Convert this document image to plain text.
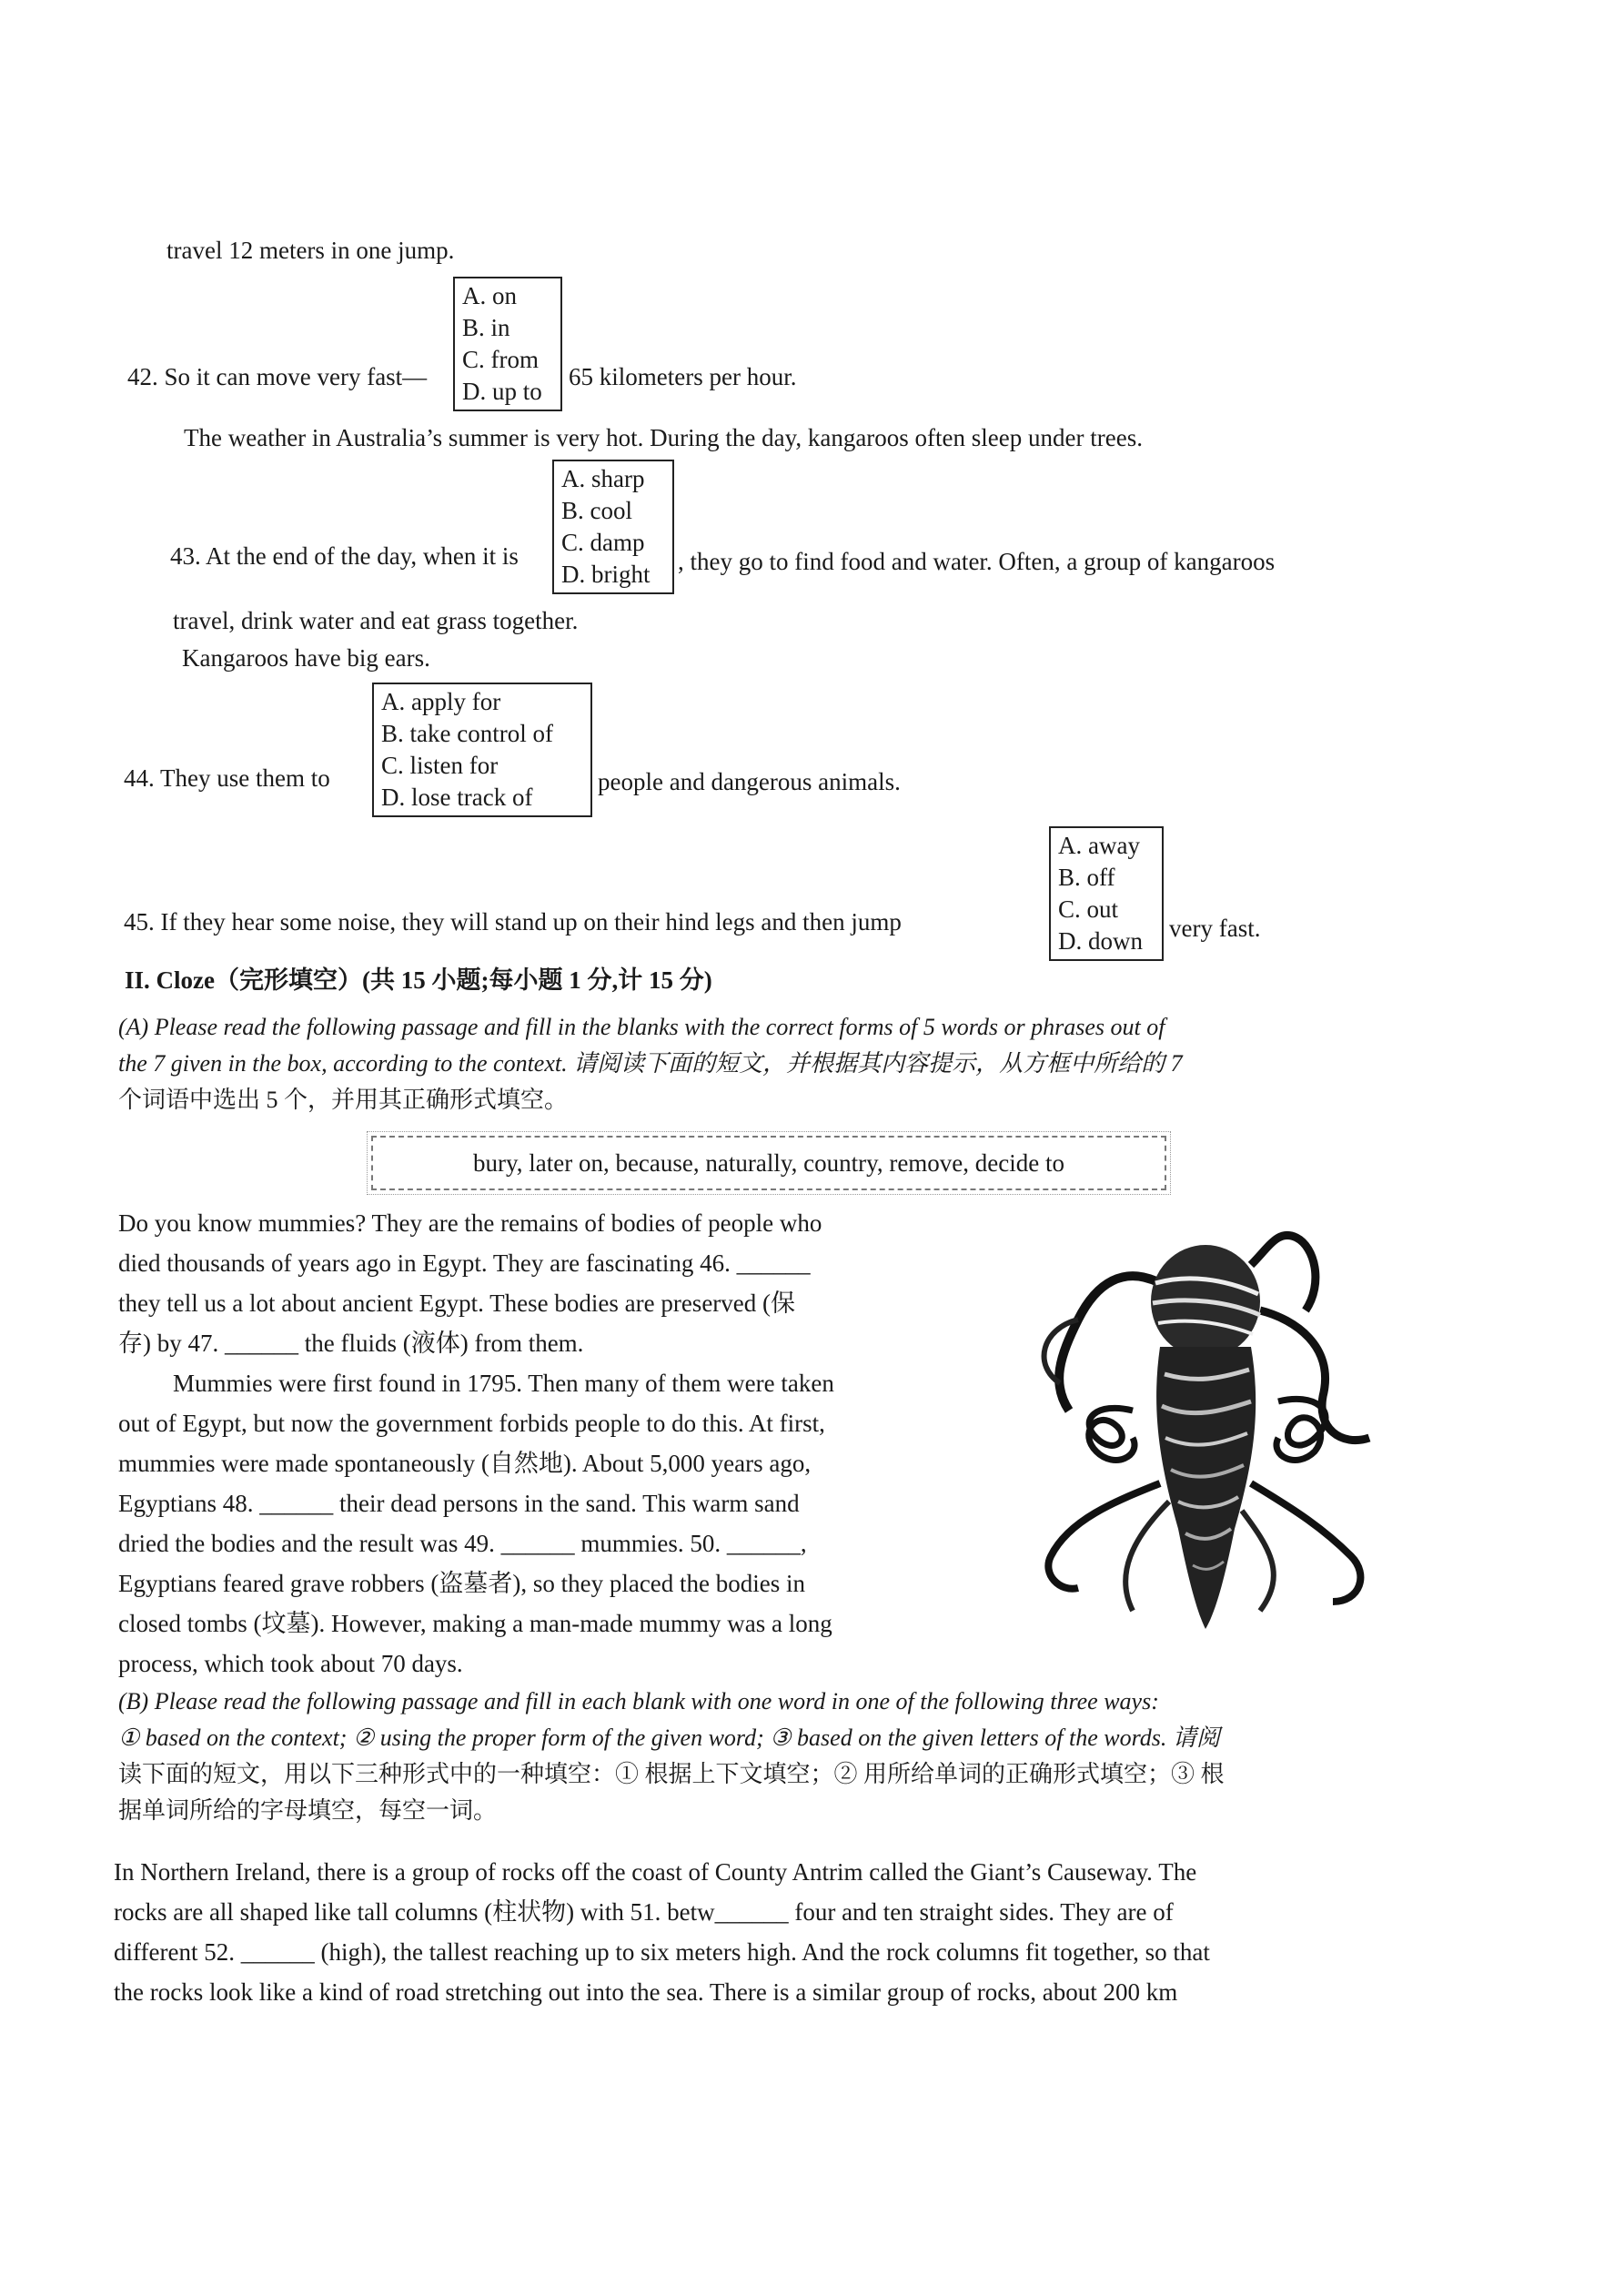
travel 12 meters in one jump.
42. So it can move very fast—
A. on
B. in
C. from
D. up to
65 kilometers per hour.
The weather in Australia’s summer is very hot. During the day, kangaroos often sleep under trees.
43. At the end of the day, when it is
A. sharp
B. cool
C. damp
D. bright	, they go to find food and water. Often, a group of kangaroos
travel, drink water and eat grass together.
Kangaroos have big ears.
44. They use them to
A. apply for
B. take control of
C. listen for
D. lose track of
people and dangerous animals.
45. If they hear some noise, they will stand up on their hind legs and then jump
A. away
B. off
C. out
D. down	very fast.
II. Cloze（完形填空）(共 15 小题;每小题 1 分,计 15 分)
(A) Please read the following passage and fill in the blanks with the correct forms of 5 words or phrases out of
the 7 given in the box, according to the context. 请阅读下面的短文，并根据其内容提示，从方框中所给的 7
个词语中选出 5 个，并用其正确形式填空。
bury, later on, because, naturally, country, remove, decide to
Do you know mummies? They are the remains of bodies of people who
died thousands of years ago in Egypt. They are fascinating 46. ______
they tell us a lot about ancient Egypt. These bodies are preserved (保
存) by 47. ______ the fluids (液体) from them.
Mummies were first found in 1795. Then many of them were taken
out of Egypt, but now the government forbids people to do this. At first,
mummies were made spontaneously (自然地). About 5,000 years ago,
Egyptians 48. ______ their dead persons in the sand. This warm sand
dried the bodies and the result was 49. ______ mummies. 50. ______,
Egyptians feared grave robbers (盗墓者), so they placed the bodies in
closed tombs (坟墓). However, making a man-made mummy was a long
process, which took about 70 days.
(B) Please read the following passage and fill in each blank with one word in one of the following three ways:
① based on the context; ② using the proper form of the given word; ③ based on the given letters of the words. 请阅
读下面的短文，用以下三种形式中的一种填空：① 根据上下文填空；② 用所给单词的正确形式填空；③ 根
据单词所给的字母填空，每空一词。
In Northern Ireland, there is a group of rocks off the coast of County Antrim called the Giant’s Causeway. The
rocks are all shaped like tall columns (柱状物) with 51. betw______ four and ten straight sides. They are of
different 52. ______ (high), the tallest reaching up to six meters high. And the rock columns fit together, so that
the rocks look like a kind of road stretching out into the sea. There is a similar group of rocks, about 200 km
